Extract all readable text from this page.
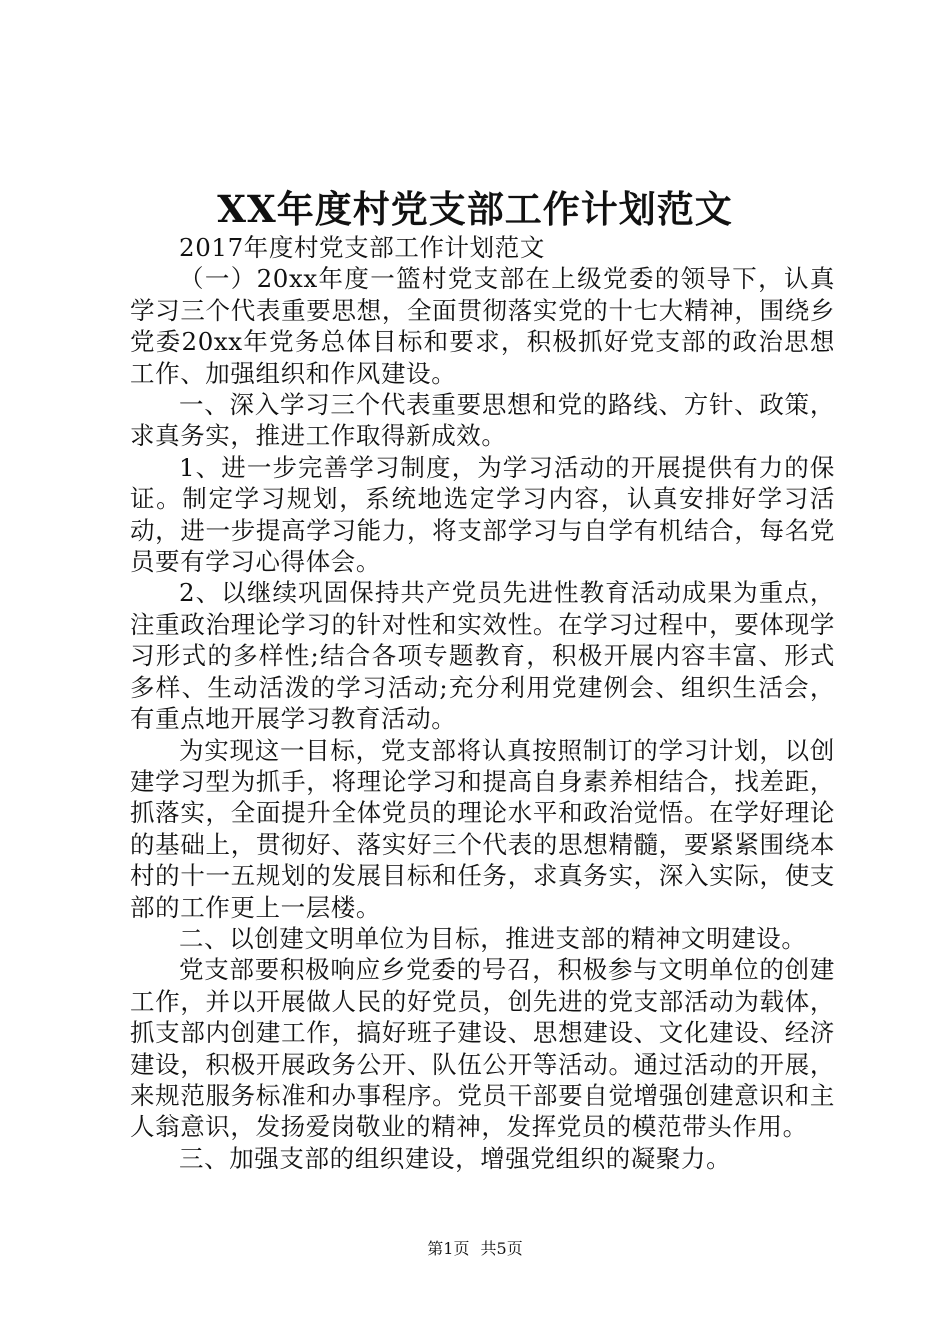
XX年度村党支部工作计划范文

2017年度村党支部工作计划范文

（一）20xx年度一篮村党支部在上级党委的领导下，认真学习三个代表重要思想，全面贯彻落实党的十七大精神，围绕乡党委20xx年党务总体目标和要求，积极抓好党支部的政治思想工作、加强组织和作风建设。

一、深入学习三个代表重要思想和党的路线、方针、政策，求真务实，推进工作取得新成效。

1、进一步完善学习制度，为学习活动的开展提供有力的保证。制定学习规划，系统地选定学习内容，认真安排好学习活动，进一步提高学习能力，将支部学习与自学有机结合，每名党员要有学习心得体会。

2、以继续巩固保持共产党员先进性教育活动成果为重点，注重政治理论学习的针对性和实效性。在学习过程中，要体现学习形式的多样性;结合各项专题教育，积极开展内容丰富、形式多样、生动活泼的学习活动;充分利用党建例会、组织生活会，有重点地开展学习教育活动。

为实现这一目标，党支部将认真按照制订的学习计划，以创建学习型为抓手，将理论学习和提高自身素养相结合，找差距，抓落实，全面提升全体党员的理论水平和政治觉悟。在学好理论的基础上，贯彻好、落实好三个代表的思想精髓，要紧紧围绕本村的十一五规划的发展目标和任务，求真务实，深入实际，使支部的工作更上一层楼。

二、以创建文明单位为目标，推进支部的精神文明建设。

党支部要积极响应乡党委的号召，积极参与文明单位的创建工作，并以开展做人民的好党员，创先进的党支部活动为载体，抓支部内创建工作，搞好班子建设、思想建设、文化建设、经济建设，积极开展政务公开、队伍公开等活动。通过活动的开展，来规范服务标准和办事程序。党员干部要自觉增强创建意识和主人翁意识，发扬爱岗敬业的精神，发挥党员的模范带头作用。

三、加强支部的组织建设，增强党组织的凝聚力。

第1页 共5页
